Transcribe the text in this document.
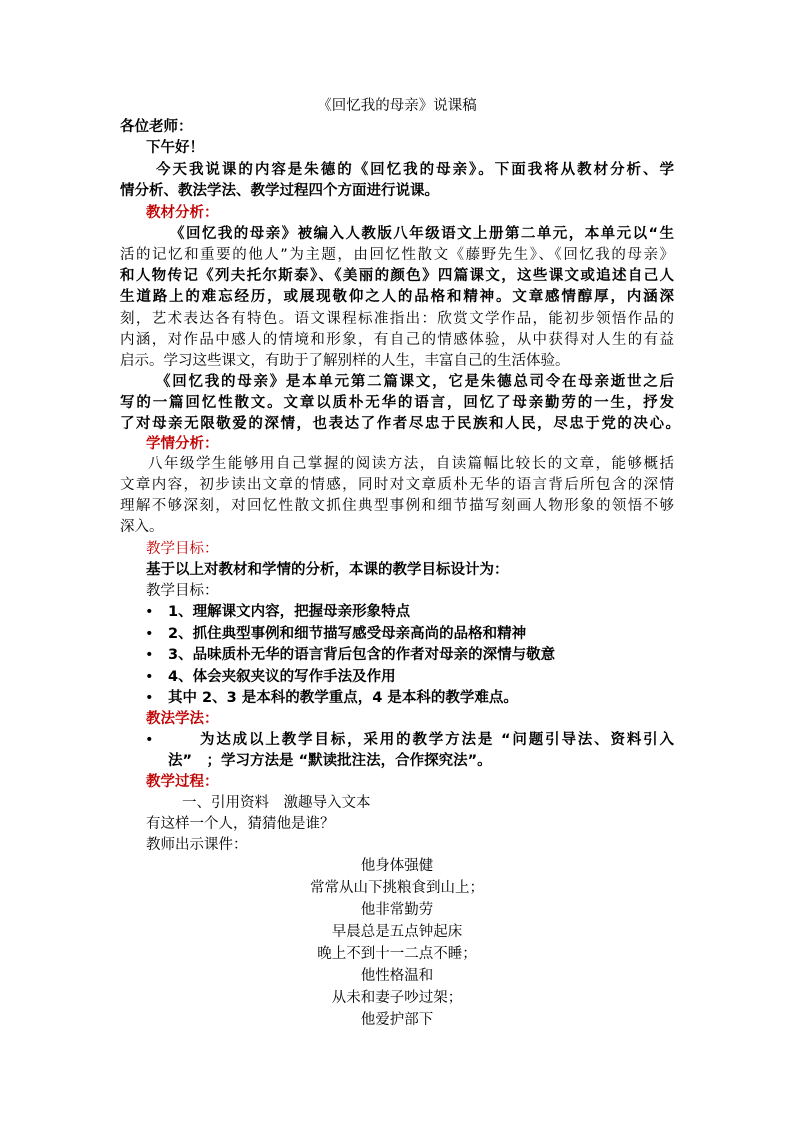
《回忆我的母亲》说课稿
各位老师：
下午好！
今天我说课的内容是朱德的《回忆我的母亲》。下面我将从教材分析、学
情分析、教法学法、教学过程四个方面进行说课。
教材分析：
《回忆我的母亲》被编入人教版八年级语文上册第二单元，本单元以“生
活的记忆和重要的他人”为主题，由回忆性散文《藤野先生》、《回忆我的母亲》
和人物传记《列夫托尔斯泰》、《美丽的颜色》四篇课文，这些课文或追述自己人
生道路上的难忘经历，或展现敬仰之人的品格和精神。文章感情醇厚，内涵深
刻，艺术表达各有特色。语文课程标准指出：欣赏文学作品，能初步领悟作品的
内涵，对作品中感人的情境和形象，有自己的情感体验，从中获得对人生的有益
启示。学习这些课文，有助于了解别样的人生，丰富自己的生活体验。
《回忆我的母亲》是本单元第二篇课文，它是朱德总司令在母亲逝世之后
写的一篇回忆性散文。文章以质朴无华的语言，回忆了母亲勤劳的一生，抒发
了对母亲无限敬爱的深情，也表达了作者尽忠于民族和人民，尽忠于党的决心。
学情分析：
八年级学生能够用自己掌握的阅读方法，自读篇幅比较长的文章，能够概括
文章内容，初步读出文章的情感，同时对文章质朴无华的语言背后所包含的深情
理解不够深刻，对回忆性散文抓住典型事例和细节描写刻画人物形象的领悟不够
深入。
教学目标：
基于以上对教材和学情的分析，本课的教学目标设计为：
教学目标：
• 1、理解课文内容，把握母亲形象特点
• 2、抓住典型事例和细节描写感受母亲高尚的品格和精神
• 3、品味质朴无华的语言背后包含的作者对母亲的深情与敬意
• 4、体会夹叙夹议的写作手法及作用
• 其中 2、3 是本科的教学重点，4 是本科的教学难点。
教法学法：
•	为达成以上教学目标，采用的教学方法是 “问题引导法、资料引入
法”　；学习方法是 “默读批注法，合作探究法”。
教学过程：
一、引用资料　激趣导入文本
有这样一个人，猜猜他是谁？
教师出示课件：
他身体强健
常常从山下挑粮食到山上；
他非常勤劳
早晨总是五点钟起床
晚上不到十一二点不睡；
他性格温和
从未和妻子吵过架；
他爱护部下
